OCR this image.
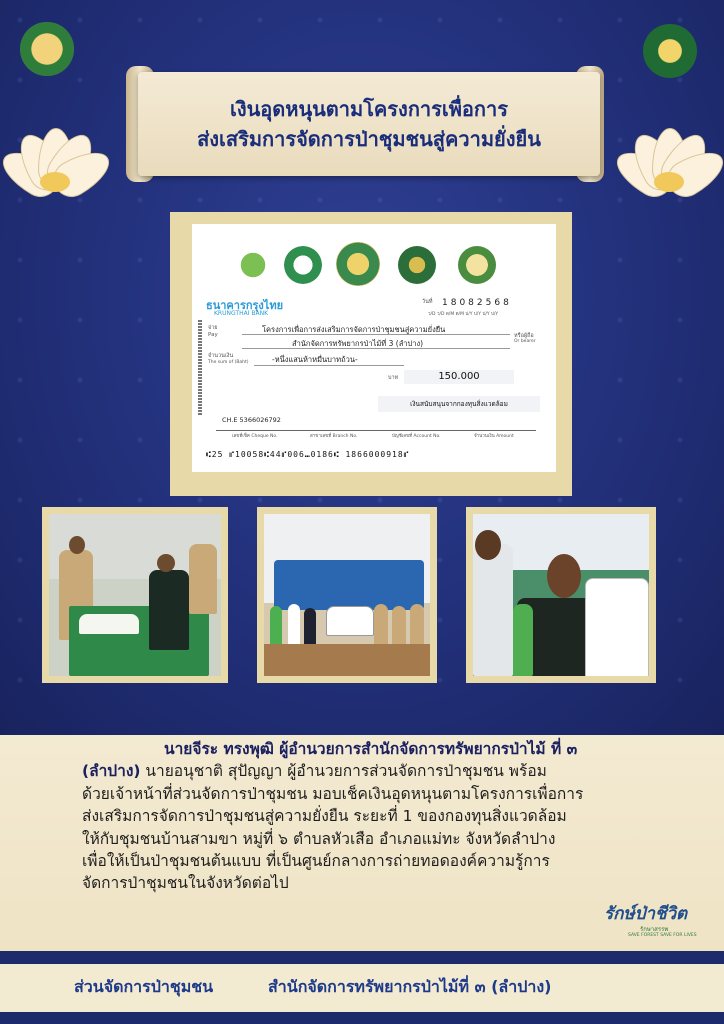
เงินอุดหนุนตามโครงการเพื่อการ
ส่งเสริมการจัดการป่าชุมชนสู่ความยั่งยืน
ธนาคารกรุงไทย
KRUNGTHAI BANK
วันที่ 18082568
ว/D ว/D ด/M ด/M ป/Y ป/Y ป/Y ป/Y
จ่าย
Pay
โครงการเพื่อการส่งเสริมการจัดการป่าชุมชนสู่ความยั่งยืน
สำนักจัดการทรัพยากรป่าไม้ที่ 3 (ลำปาง)
หรือผู้ถือ
Or bearer
จำนวนเงิน
The sum of (Baht)	-หนึ่งแสนห้าหมื่นบาทถ้วน-
บาท	150.000
เงินสนับสนุนจากกองทุนสิ่งแวดล้อม
CH.E 5366026792
เลขที่เช็ค Cheque No.	สาขาเลขที่ Branch No.	บัญชีเลขที่ Account No.	จำนวนเงิน Amount
⑆25 ⑈10058⑆44⑈006⑉0186⑆ 1866000918⑈
นายจีระ ทรงพุฒิ ผู้อำนวยการสำนักจัดการทรัพยากรป่าไม้ ที่ ๓
(ลำปาง) นายอนุชาติ สุปัญญา ผู้อำนวยการส่วนจัดการป่าชุมชน พร้อม
ด้วยเจ้าหน้าที่ส่วนจัดการป่าชุมชน มอบเช็คเงินอุดหนุนตามโครงการเพื่อการ
ส่งเสริมการจัดการป่าชุมชนสู่ความยั่งยืน ระยะที่ 1 ของกองทุนสิ่งแวดล้อม
ให้กับชุมชนบ้านสามขา หมู่ที่ ๖ ตำบลหัวเสือ อำเภอแม่ทะ จังหวัดลำปาง
เพื่อให้เป็นป่าชุมชนต้นแบบ ที่เป็นศูนย์กลางการถ่ายทอดองค์ความรู้การ
จัดการป่าชุมชนในจังหวัดต่อไป
รักษ์ป่าชีวิต
รักษาสรรพ
SAVE FOREST SAVE FOR LIVES
ส่วนจัดการป่าชุมชน	สำนักจัดการทรัพยากรป่าไม้ที่ ๓ (ลำปาง)
